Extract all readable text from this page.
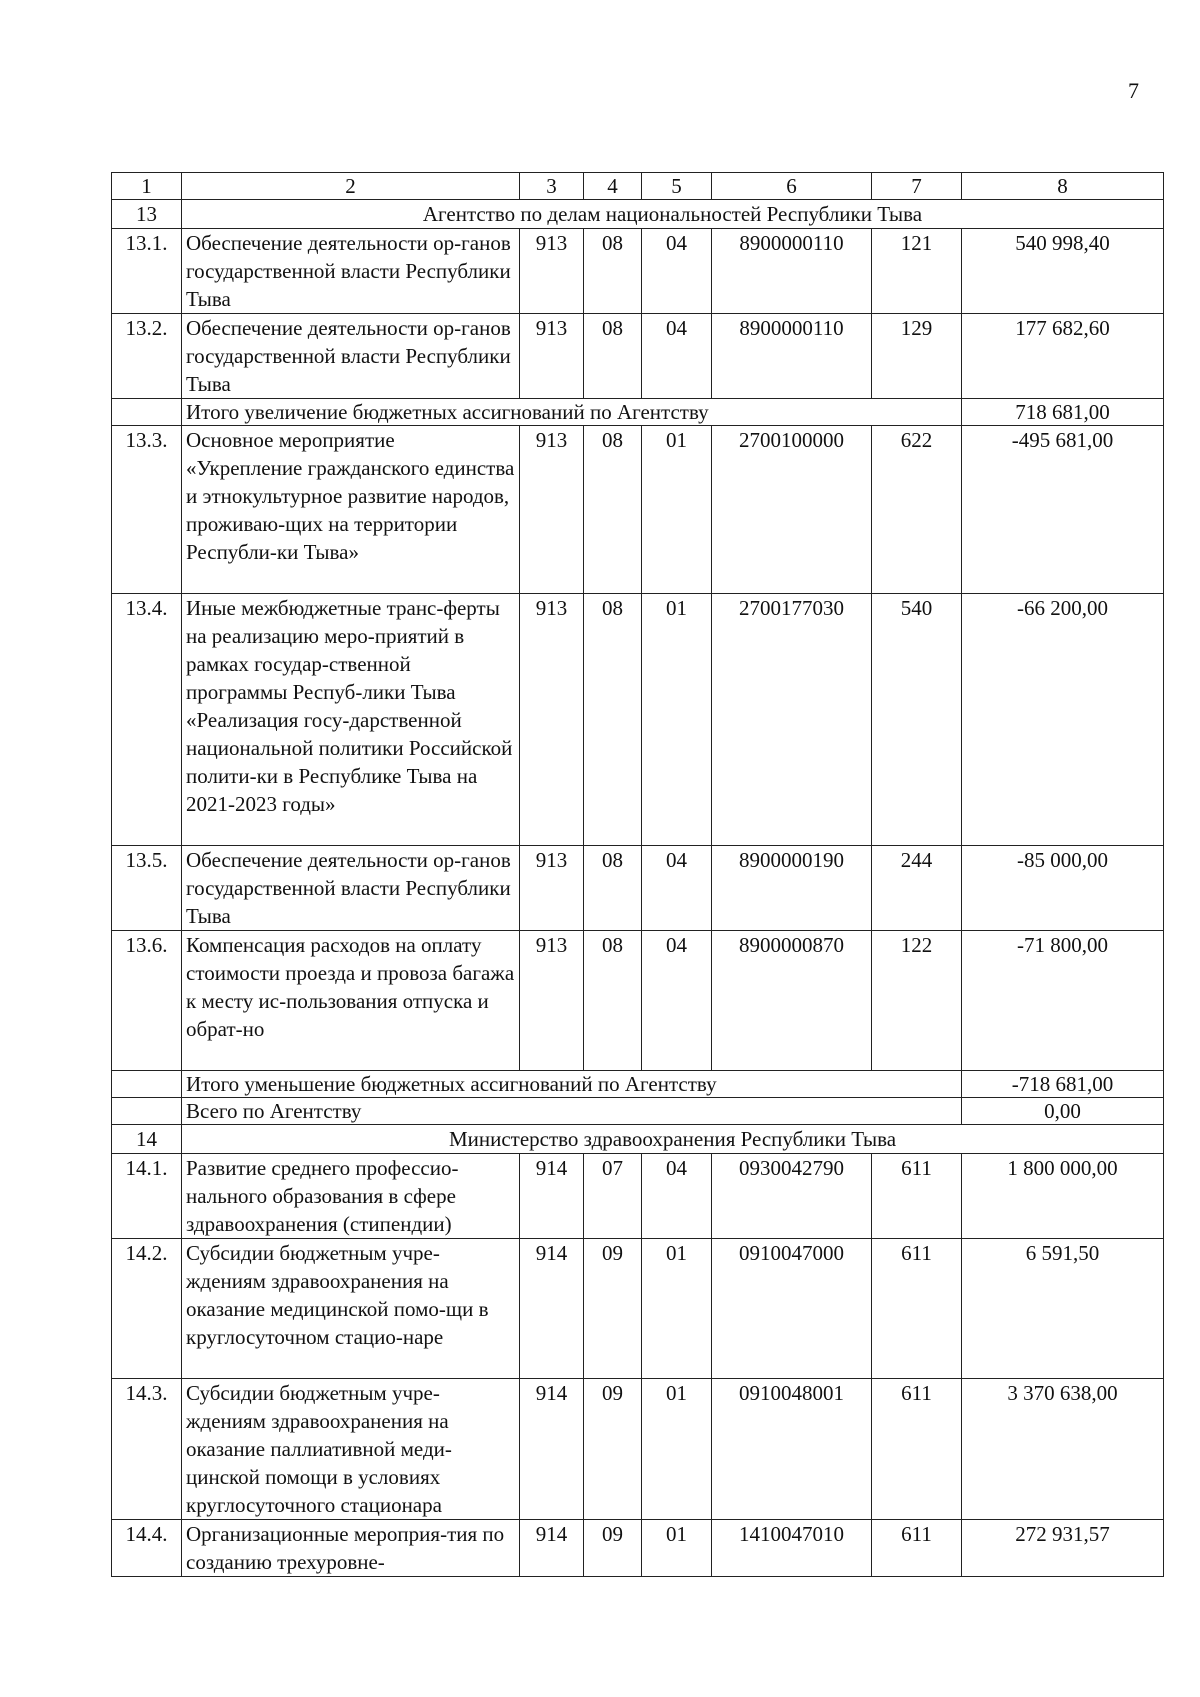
7
1	2	3	4	5	6	7	8
13	Агентство по делам национальностей Республики Тыва						
13.1.	Обеспечение деятельности ор-ганов государственной власти Республики Тыва	913	08	04	8900000110	121	540 998,40
13.2.	Обеспечение деятельности ор-ганов государственной власти Республики Тыва	913	08	04	8900000110	129	177 682,60
	Итого увеличение бюджетных ассигнований по Агентству						718 681,00
13.3.	Основное мероприятие «Укрепление гражданского единства и этнокультурное развитие народов, проживаю-щих на территории Республи-ки Тыва»	913	08	01	2700100000	622	-495 681,00
13.4.	Иные межбюджетные транс-ферты на реализацию меро-приятий в рамках государ-ственной программы Респуб-лики Тыва «Реализация госу-дарственной национальной политики Российской полити-ки в Республике Тыва на 2021-2023 годы»	913	08	01	2700177030	540	-66 200,00
13.5.	Обеспечение деятельности ор-ганов государственной власти Республики Тыва	913	08	04	8900000190	244	-85 000,00
13.6.	Компенсация расходов на оплату стоимости проезда и провоза багажа к месту ис-пользования отпуска и обрат-но	913	08	04	8900000870	122	-71 800,00
	Итого уменьшение бюджетных ассигнований по Агентству						-718 681,00
	Всего по Агентству						0,00
14	Министерство здравоохранения Республики Тыва						
14.1.	Развитие среднего профессио-нального образования в сфере здравоохранения (стипендии)	914	07	04	0930042790	611	1 800 000,00
14.2.	Субсидии бюджетным учре-ждениям здравоохранения на оказание медицинской помо-щи в круглосуточном стацио-наре	914	09	01	0910047000	611	6 591,50
14.3.	Субсидии бюджетным учре-ждениям здравоохранения на оказание паллиативной меди-цинской помощи в условиях круглосуточного стационара	914	09	01	0910048001	611	3 370 638,00
14.4.	Организационные мероприя-тия по созданию трехуровне-	914	09	01	1410047010	611	272 931,57
